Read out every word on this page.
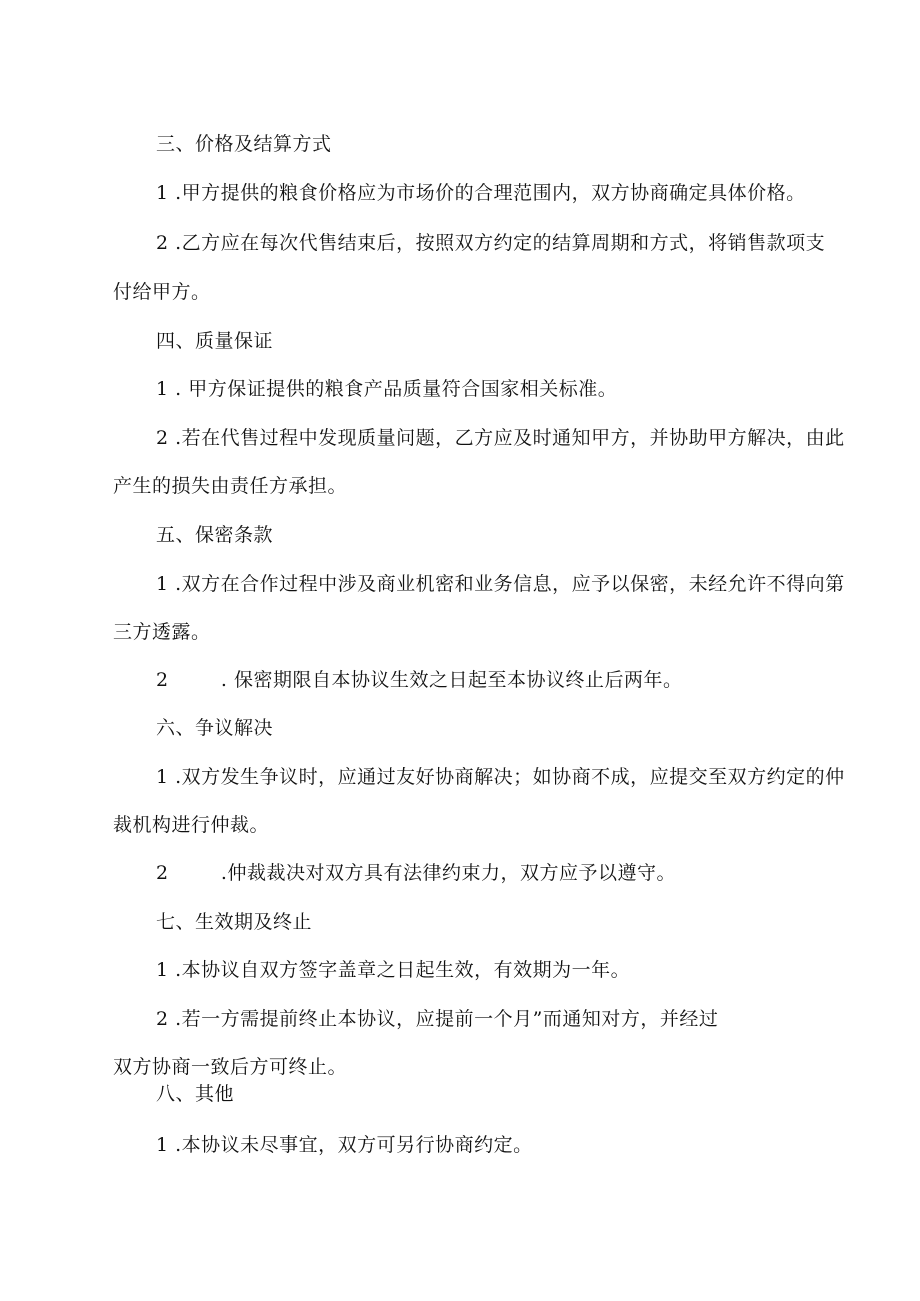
三、价格及结算方式
1 .甲方提供的粮食价格应为市场价的合理范围内，双方协商确定具体价格。
2 .乙方应在每次代售结束后，按照双方约定的结算周期和方式，将销售款项支
付给甲方。
四、质量保证
1 . 甲方保证提供的粮食产品质量符合国家相关标准。
2 .若在代售过程中发现质量问题，乙方应及时通知甲方，并协助甲方解决，由此
产生的损失由责任方承担。
五、保密条款
1 .双方在合作过程中涉及商业机密和业务信息，应予以保密，未经允许不得向第
三方透露。
2        . 保密期限自本协议生效之日起至本协议终止后两年。
六、争议解决
1 .双方发生争议时，应通过友好协商解决；如协商不成，应提交至双方约定的仲
裁机构进行仲裁。
2        .仲裁裁决对双方具有法律约束力，双方应予以遵守。
七、生效期及终止
1 .本协议自双方签字盖章之日起生效，有效期为一年。
2 .若一方需提前终止本协议，应提前一个月”而通知对方，并经过
双方协商一致后方可终止。
八、其他
1 .本协议未尽事宜，双方可另行协商约定。
